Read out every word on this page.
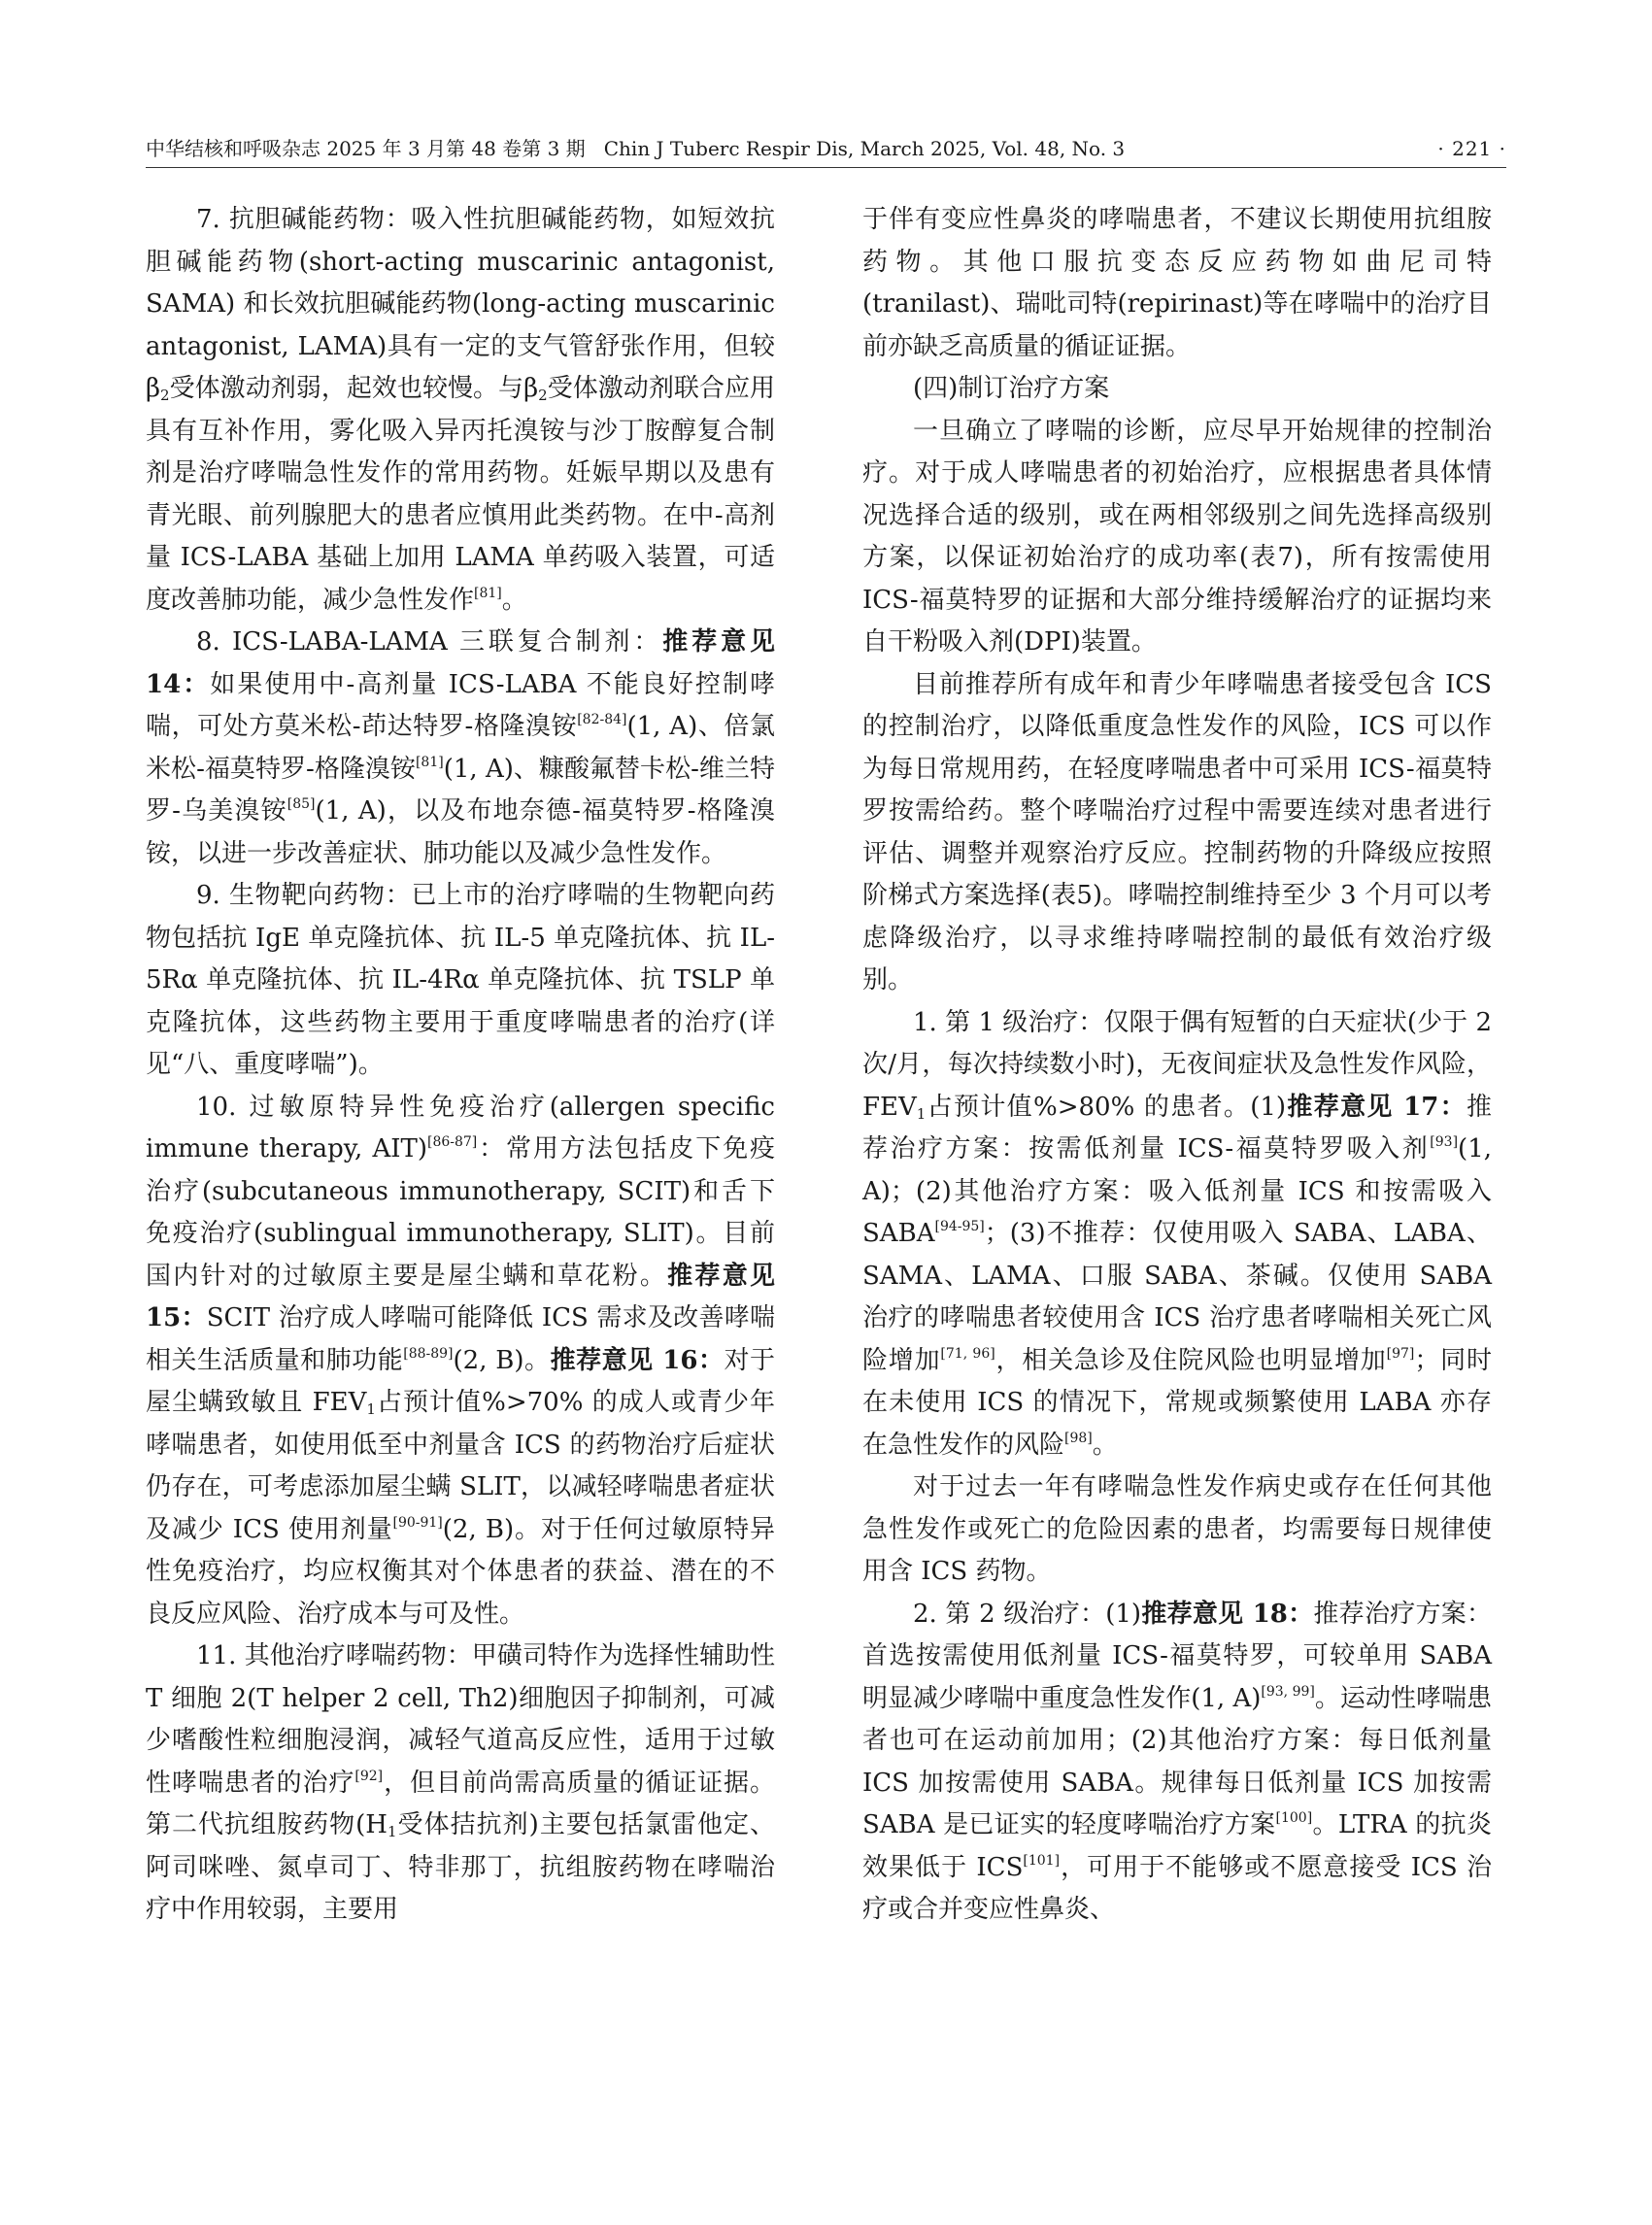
中华结核和呼吸杂志 2025 年 3 月第 48 卷第 3 期 Chin J Tuberc Respir Dis, March 2025, Vol. 48, No. 3	· 221 ·

7. 抗胆碱能药物：吸入性抗胆碱能药物，如短效抗胆碱能药物(short-acting muscarinic antagonist, SAMA) 和长效抗胆碱能药物(long-acting muscarinic antagonist, LAMA)具有一定的支气管舒张作用，但较 $\beta_2$受体激动剂弱，起效也较慢。与$\beta_2$受体激动剂联合应用具有互补作用，雾化吸入异丙托溴铵与沙丁胺醇复合制剂是治疗哮喘急性发作的常用药物。妊娠早期以及患有青光眼、前列腺肥大的患者应慎用此类药物。在中-高剂量 ICS-LABA 基础上加用 LAMA 单药吸入装置，可适度改善肺功能，减少急性发作[81]。

8. ICS-LABA-LAMA 三联复合制剂：推荐意见 14：如果使用中-高剂量 ICS-LABA 不能良好控制哮喘，可处方莫米松-茚达特罗-格隆溴铵[82-84](1, A)、倍氯米松-福莫特罗-格隆溴铵[81](1, A)、糠酸氟替卡松-维兰特罗-乌美溴铵[85](1, A)，以及布地奈德-福莫特罗-格隆溴铵，以进一步改善症状、肺功能以及减少急性发作。

9. 生物靶向药物：已上市的治疗哮喘的生物靶向药物包括抗 IgE 单克隆抗体、抗 IL-5 单克隆抗体、抗 IL-5Rα 单克隆抗体、抗 IL-4Rα 单克隆抗体、抗 TSLP 单克隆抗体，这些药物主要用于重度哮喘患者的治疗(详见“八、重度哮喘”)。

10. 过敏原特异性免疫治疗(allergen specific immune therapy, AIT)[86-87]：常用方法包括皮下免疫治疗(subcutaneous immunotherapy, SCIT)和舌下免疫治疗(sublingual immunotherapy, SLIT)。目前国内针对的过敏原主要是屋尘螨和草花粉。推荐意见 15：SCIT 治疗成人哮喘可能降低 ICS 需求及改善哮喘相关生活质量和肺功能[88-89](2, B)。推荐意见 16：对于屋尘螨致敏且 $FEV_1$占预计值%>70% 的成人或青少年哮喘患者，如使用低至中剂量含 ICS 的药物治疗后症状仍存在，可考虑添加屋尘螨 SLIT，以减轻哮喘患者症状及减少 ICS 使用剂量[90-91](2, B)。对于任何过敏原特异性免疫治疗，均应权衡其对个体患者的获益、潜在的不良反应风险、治疗成本与可及性。

11. 其他治疗哮喘药物：甲磺司特作为选择性辅助性 T 细胞 2(T helper 2 cell, Th2)细胞因子抑制剂，可减少嗜酸性粒细胞浸润，减轻气道高反应性，适用于过敏性哮喘患者的治疗[92]，但目前尚需高质量的循证证据。第二代抗组胺药物($H_1$受体拮抗剂)主要包括氯雷他定、阿司咪唑、氮卓司丁、特非那丁，抗组胺药物在哮喘治疗中作用较弱，主要用

于伴有变应性鼻炎的哮喘患者，不建议长期使用抗组胺药物。其他口服抗变态反应药物如曲尼司特(tranilast)、瑞吡司特(repirinast)等在哮喘中的治疗目前亦缺乏高质量的循证证据。

(四)制订治疗方案

一旦确立了哮喘的诊断，应尽早开始规律的控制治疗。对于成人哮喘患者的初始治疗，应根据患者具体情况选择合适的级别，或在两相邻级别之间先选择高级别方案，以保证初始治疗的成功率(表7)，所有按需使用 ICS-福莫特罗的证据和大部分维持缓解治疗的证据均来自干粉吸入剂(DPI)装置。

目前推荐所有成年和青少年哮喘患者接受包含 ICS 的控制治疗，以降低重度急性发作的风险，ICS 可以作为每日常规用药，在轻度哮喘患者中可采用 ICS-福莫特罗按需给药。整个哮喘治疗过程中需要连续对患者进行评估、调整并观察治疗反应。控制药物的升降级应按照阶梯式方案选择(表5)。哮喘控制维持至少 3 个月可以考虑降级治疗，以寻求维持哮喘控制的最低有效治疗级别。

1. 第 1 级治疗：仅限于偶有短暂的白天症状(少于 2 次/月，每次持续数小时)，无夜间症状及急性发作风险，$FEV_1$占预计值%>80% 的患者。(1)推荐意见 17：推荐治疗方案：按需低剂量 ICS-福莫特罗吸入剂[93](1, A)；(2)其他治疗方案：吸入低剂量 ICS 和按需吸入 SABA[94-95]；(3)不推荐：仅使用吸入 SABA、LABA、SAMA、LAMA、口服 SABA、茶碱。仅使用 SABA 治疗的哮喘患者较使用含 ICS 治疗患者哮喘相关死亡风险增加[71, 96]，相关急诊及住院风险也明显增加[97]；同时在未使用 ICS 的情况下，常规或频繁使用 LABA 亦存在急性发作的风险[98]。

对于过去一年有哮喘急性发作病史或存在任何其他急性发作或死亡的危险因素的患者，均需要每日规律使用含 ICS 药物。

2. 第 2 级治疗：(1)推荐意见 18：推荐治疗方案：首选按需使用低剂量 ICS-福莫特罗，可较单用 SABA 明显减少哮喘中重度急性发作(1, A)[93, 99]。运动性哮喘患者也可在运动前加用；(2)其他治疗方案：每日低剂量 ICS 加按需使用 SABA。规律每日低剂量 ICS 加按需 SABA 是已证实的轻度哮喘治疗方案[100]。LTRA 的抗炎效果低于 ICS[101]，可用于不能够或不愿意接受 ICS 治疗或合并变应性鼻炎、
